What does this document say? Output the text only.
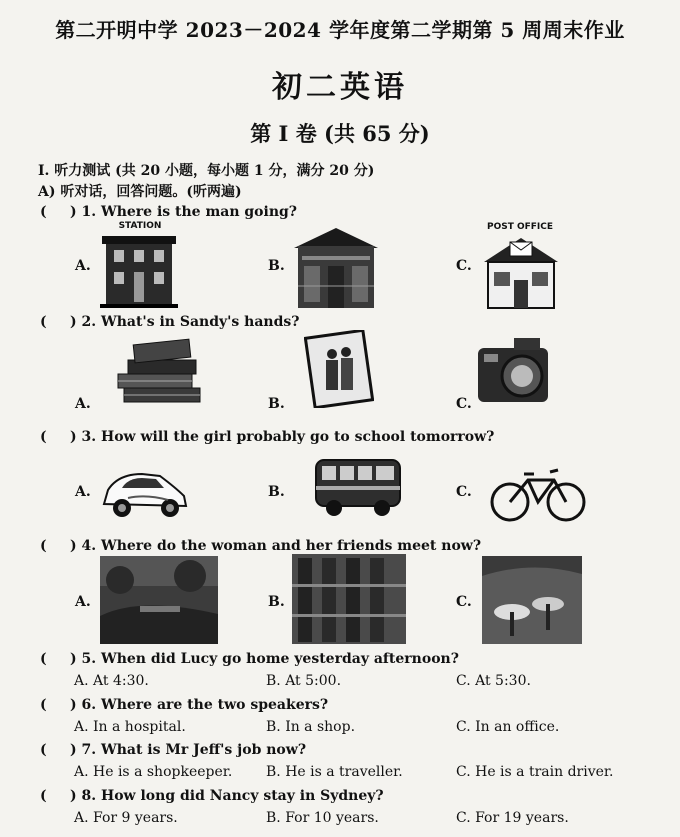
第二开明中学 2023－2024 学年度第二学期第 5 周周末作业
初二英语
第 I 卷 (共 65 分)
I. 听力测试 (共 20 小题，每小题 1 分，满分 20 分)
A) 听对话，回答问题。(听两遍)
( ) 1. Where is the man going?
A.	B.	C.
STATION	POST OFFICE
( ) 2. What's in Sandy's hands?
A.	B.	C.
( ) 3. How will the girl probably go to school tomorrow?
A.	B.	C.
( ) 4. Where do the woman and her friends meet now?
A.	B.	C.
( ) 5. When did Lucy go home yesterday afternoon?
A. At 4:30.	B. At 5:00.	C. At 5:30.
( ) 6. Where are the two speakers?
A. In a hospital.	B. In a shop.	C. In an office.
( ) 7. What is Mr Jeff's job now?
A. He is a shopkeeper. B. He is a traveller.	C. He is a train driver.
( ) 8. How long did Nancy stay in Sydney?
A. For 9 years.	B. For 10 years.	C. For 19 years.
